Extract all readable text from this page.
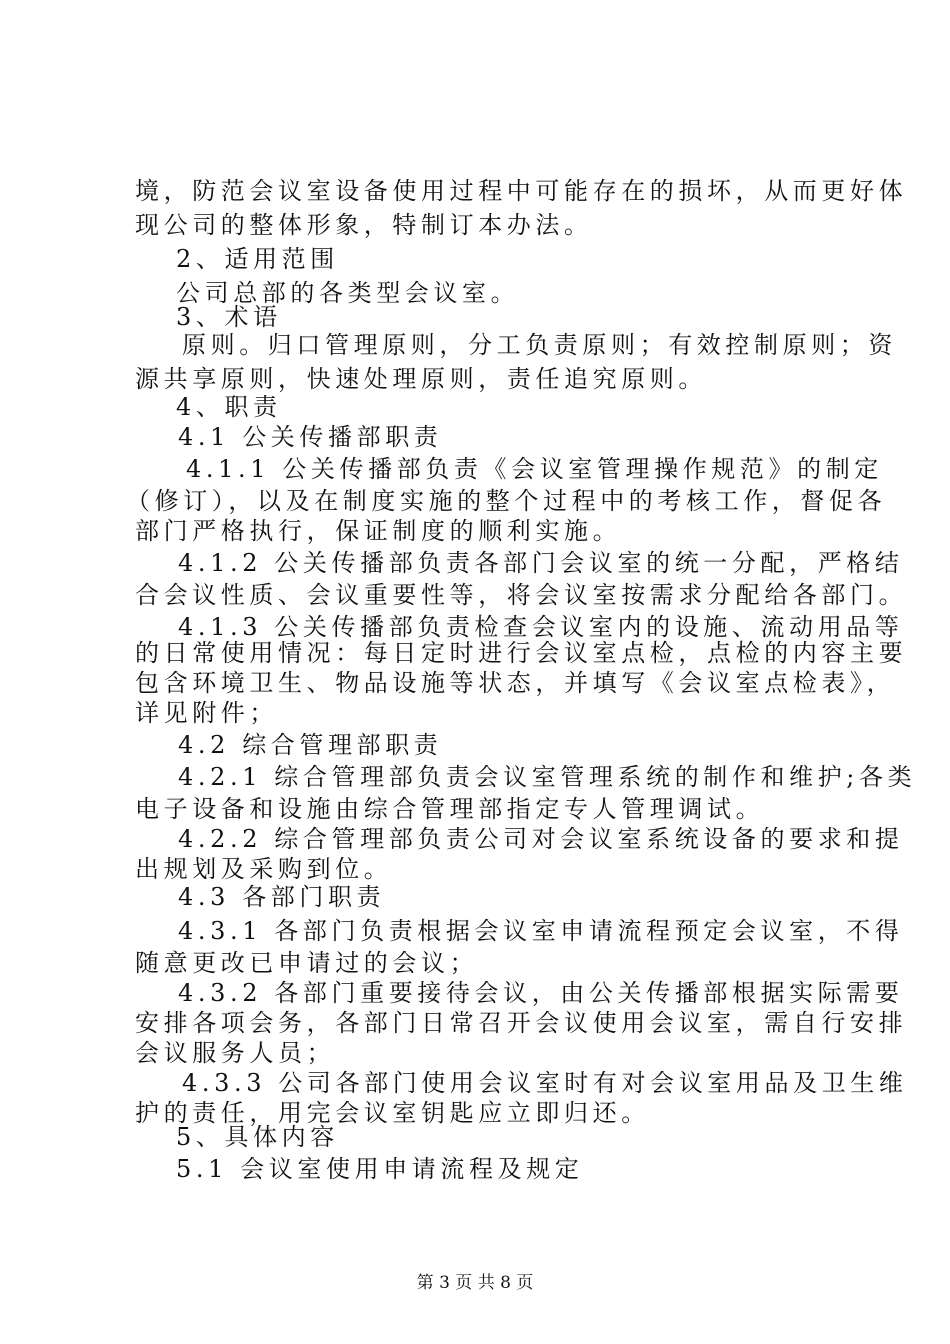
境，防范会议室设备使用过程中可能存在的损坏，从而更好体
现公司的整体形象，特制订本办法。
2、适用范围
公司总部的各类型会议室。
3、术语
原则。归口管理原则，分工负责原则；有效控制原则；资
源共享原则，快速处理原则，责任追究原则。
4、职责
4.1 公关传播部职责
4.1.1 公关传播部负责《会议室管理操作规范》的制定
（修订），以及在制度实施的整个过程中的考核工作，督促各
部门严格执行，保证制度的顺利实施。
4.1.2 公关传播部负责各部门会议室的统一分配，严格结
合会议性质、会议重要性等，将会议室按需求分配给各部门。
4.1.3 公关传播部负责检查会议室内的设施、流动用品等
的日常使用情况：每日定时进行会议室点检，点检的内容主要
包含环境卫生、物品设施等状态，并填写《会议室点检表》，
详见附件；
4.2 综合管理部职责
4.2.1 综合管理部负责会议室管理系统的制作和维护;各类
电子设备和设施由综合管理部指定专人管理调试。
4.2.2 综合管理部负责公司对会议室系统设备的要求和提
出规划及采购到位。
4.3 各部门职责
4.3.1 各部门负责根据会议室申请流程预定会议室，不得
随意更改已申请过的会议；
4.3.2 各部门重要接待会议，由公关传播部根据实际需要
安排各项会务，各部门日常召开会议使用会议室，需自行安排
会议服务人员；
4.3.3 公司各部门使用会议室时有对会议室用品及卫生维
护的责任，用完会议室钥匙应立即归还。
5、具体内容
5.1 会议室使用申请流程及规定
第 3 页 共 8 页
